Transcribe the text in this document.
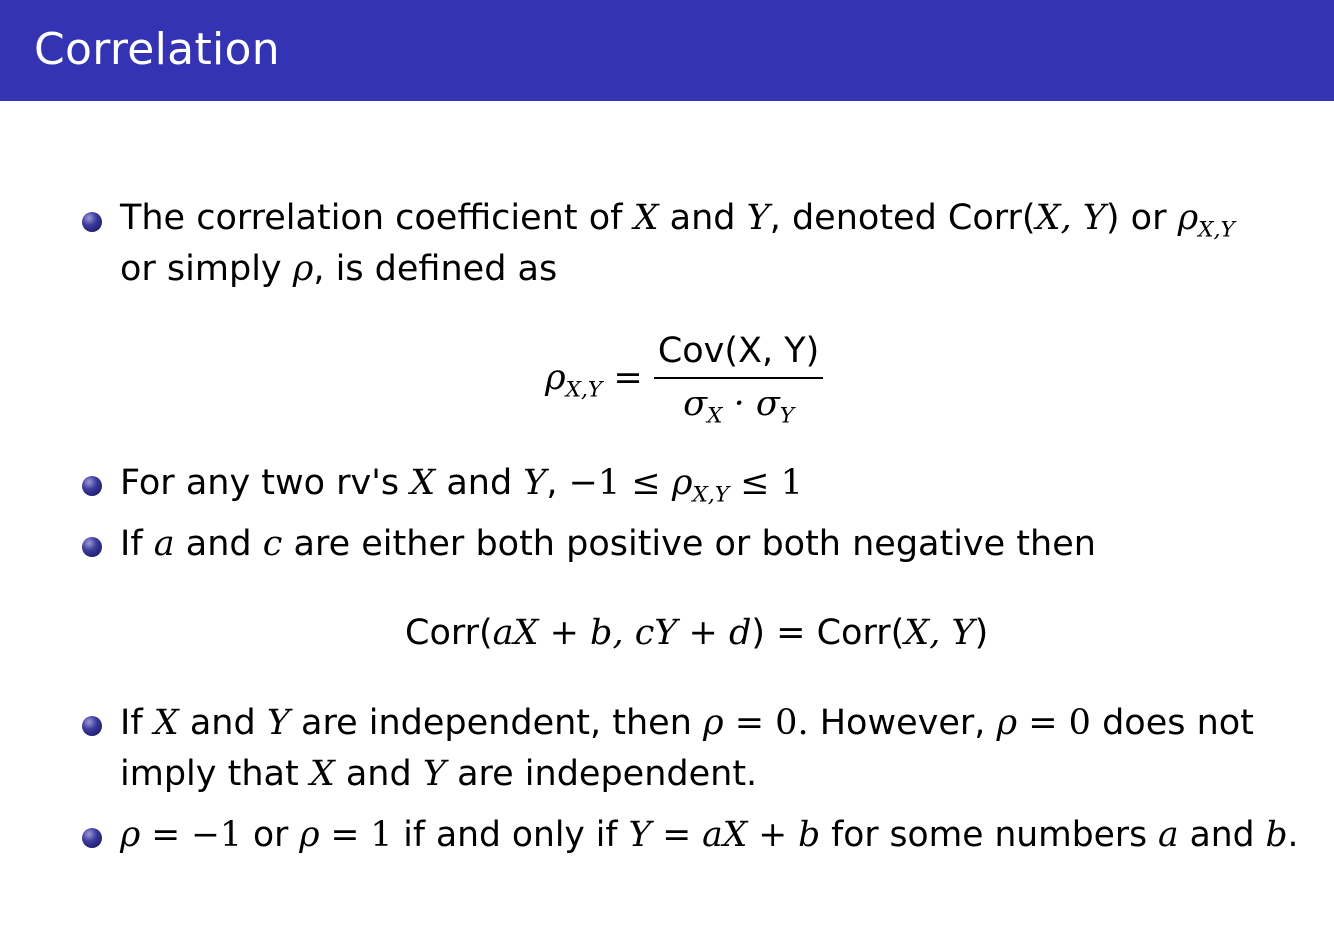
Correlation
The correlation coefficient of X and Y, denoted Corr(X, Y) or $\rho_{X,Y}$
or simply ρ, is defined as
$\rho_{X,Y} = \frac{\text{Cov(X, Y)}}{\sigma_X \cdot \sigma_Y}$
For any two rv's X and Y, $-1 \le \rho_{X,Y} \le 1$
If a and c are either both positive or both negative then
Corr(aX + b, cY + d) = Corr(X, Y)
If X and Y are independent, then ρ = 0. However, ρ = 0 does not
imply that X and Y are independent.
ρ = −1 or ρ = 1 if and only if Y = aX + b for some numbers a and b.
